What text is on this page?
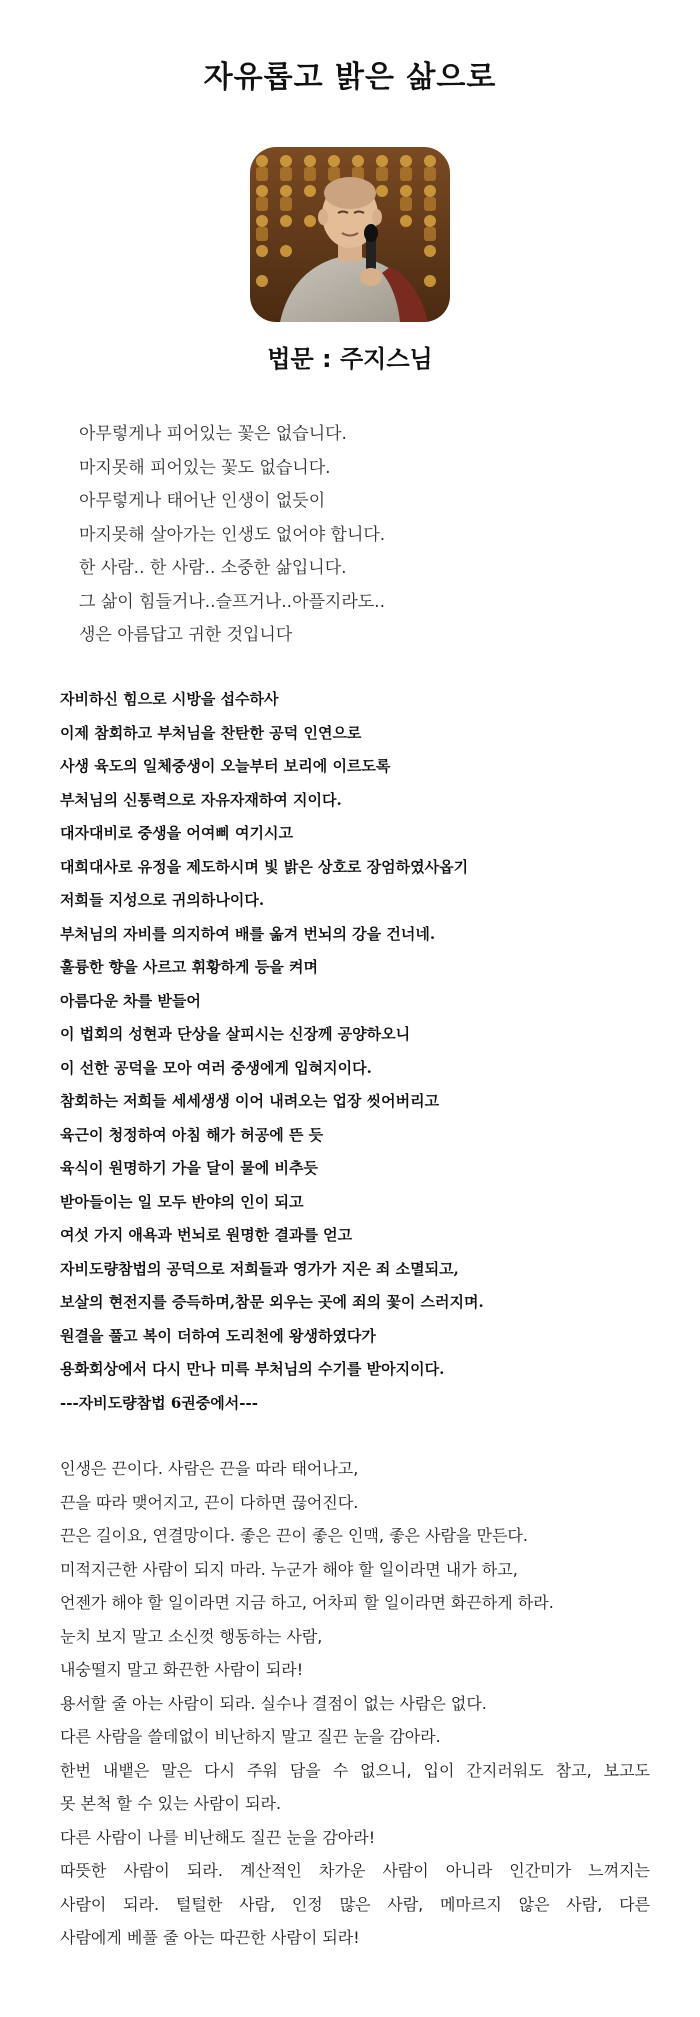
자유롭고 밝은 삶으로
법문 : 주지스님
아무렇게나 피어있는 꽃은 없습니다.
마지못해 피어있는 꽃도 없습니다.
아무렇게나 태어난 인생이 없듯이
마지못해 살아가는 인생도 없어야 합니다.
한 사람.. 한 사람.. 소중한 삶입니다.
그 삶이 힘들거나..슬프거나..아플지라도..
생은 아름답고 귀한 것입니다
자비하신 힘으로 시방을 섭수하사
이제 참회하고 부처님을 찬탄한 공덕 인연으로
사생 육도의 일체중생이 오늘부터 보리에 이르도록
부처님의 신통력으로 자유자재하여 지이다.
대자대비로 중생을 어여삐 여기시고
대희대사로 유정을 제도하시며 빛 밝은 상호로 장엄하였사옵기
저희들 지성으로 귀의하나이다.
부처님의 자비를 의지하여 배를 옮겨 번뇌의 강을 건너네.
훌륭한 향을 사르고 휘황하게 등을 켜며
아름다운 차를 받들어
이 법회의 성현과 단상을 살피시는 신장께 공양하오니
이 선한 공덕을 모아 여러 중생에게 입혀지이다.
참회하는 저희들 세세생생 이어 내려오는 업장 씻어버리고
육근이 청정하여 아침 해가 허공에 뜬 듯
육식이 원명하기 가을 달이 물에 비추듯
받아들이는 일 모두 반야의 인이 되고
여섯 가지 애욕과 번뇌로 원명한 결과를 얻고
자비도량참법의 공덕으로 저희들과 영가가 지은 죄 소멸되고,
보살의 현전지를 증득하며,참문 외우는 곳에 죄의 꽃이 스러지며.
원결을 풀고 복이 더하여 도리천에 왕생하였다가
용화회상에서 다시 만나 미륵 부처님의 수기를 받아지이다.
---자비도량참법 6권중에서---
인생은 끈이다. 사람은 끈을 따라 태어나고,
끈을 따라 맺어지고, 끈이 다하면 끊어진다.
끈은 길이요, 연결망이다. 좋은 끈이 좋은 인맥, 좋은 사람을 만든다.
미적지근한 사람이 되지 마라. 누군가 해야 할 일이라면 내가 하고,
언젠가 해야 할 일이라면 지금 하고, 어차피 할 일이라면 화끈하게 하라.
눈치 보지 말고 소신껏 행동하는 사람,
내숭떨지 말고 화끈한 사람이 되라!
용서할 줄 아는 사람이 되라. 실수나 결점이 없는 사람은 없다.
다른 사람을 쓸데없이 비난하지 말고 질끈 눈을 감아라.
한번 내뱉은 말은 다시 주워 담을 수 없으니, 입이 간지러워도 참고, 보고도
못 본척 할 수 있는 사람이 되라.
다른 사람이 나를 비난해도 질끈 눈을 감아라!
따뜻한 사람이 되라. 계산적인 차가운 사람이 아니라 인간미가 느껴지는
사람이 되라. 털털한 사람, 인정 많은 사람, 메마르지 않은 사람, 다른
사람에게 베풀 줄 아는 따끈한 사람이 되라!
